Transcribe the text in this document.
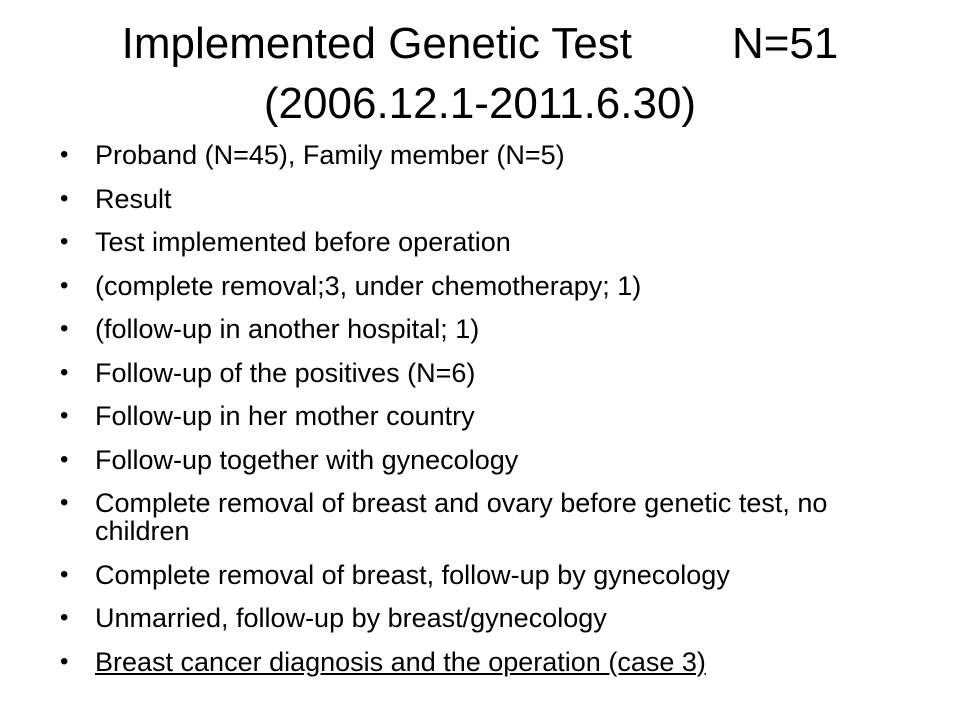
Implemented Genetic Test N=51
(2006.12.1-2011.6.30)
• Proband (N=45), Family member (N=5)
• Result
• Test implemented before operation
• (complete removal;3, under chemotherapy; 1)
• (follow-up in another hospital; 1)
• Follow-up of the positives (N=6)
• Follow-up in her mother country
• Follow-up together with gynecology
• Complete removal of breast and ovary before genetic test, no children
• Complete removal of breast, follow-up by gynecology
• Unmarried, follow-up by breast/gynecology
• Breast cancer diagnosis and the operation (case 3)
